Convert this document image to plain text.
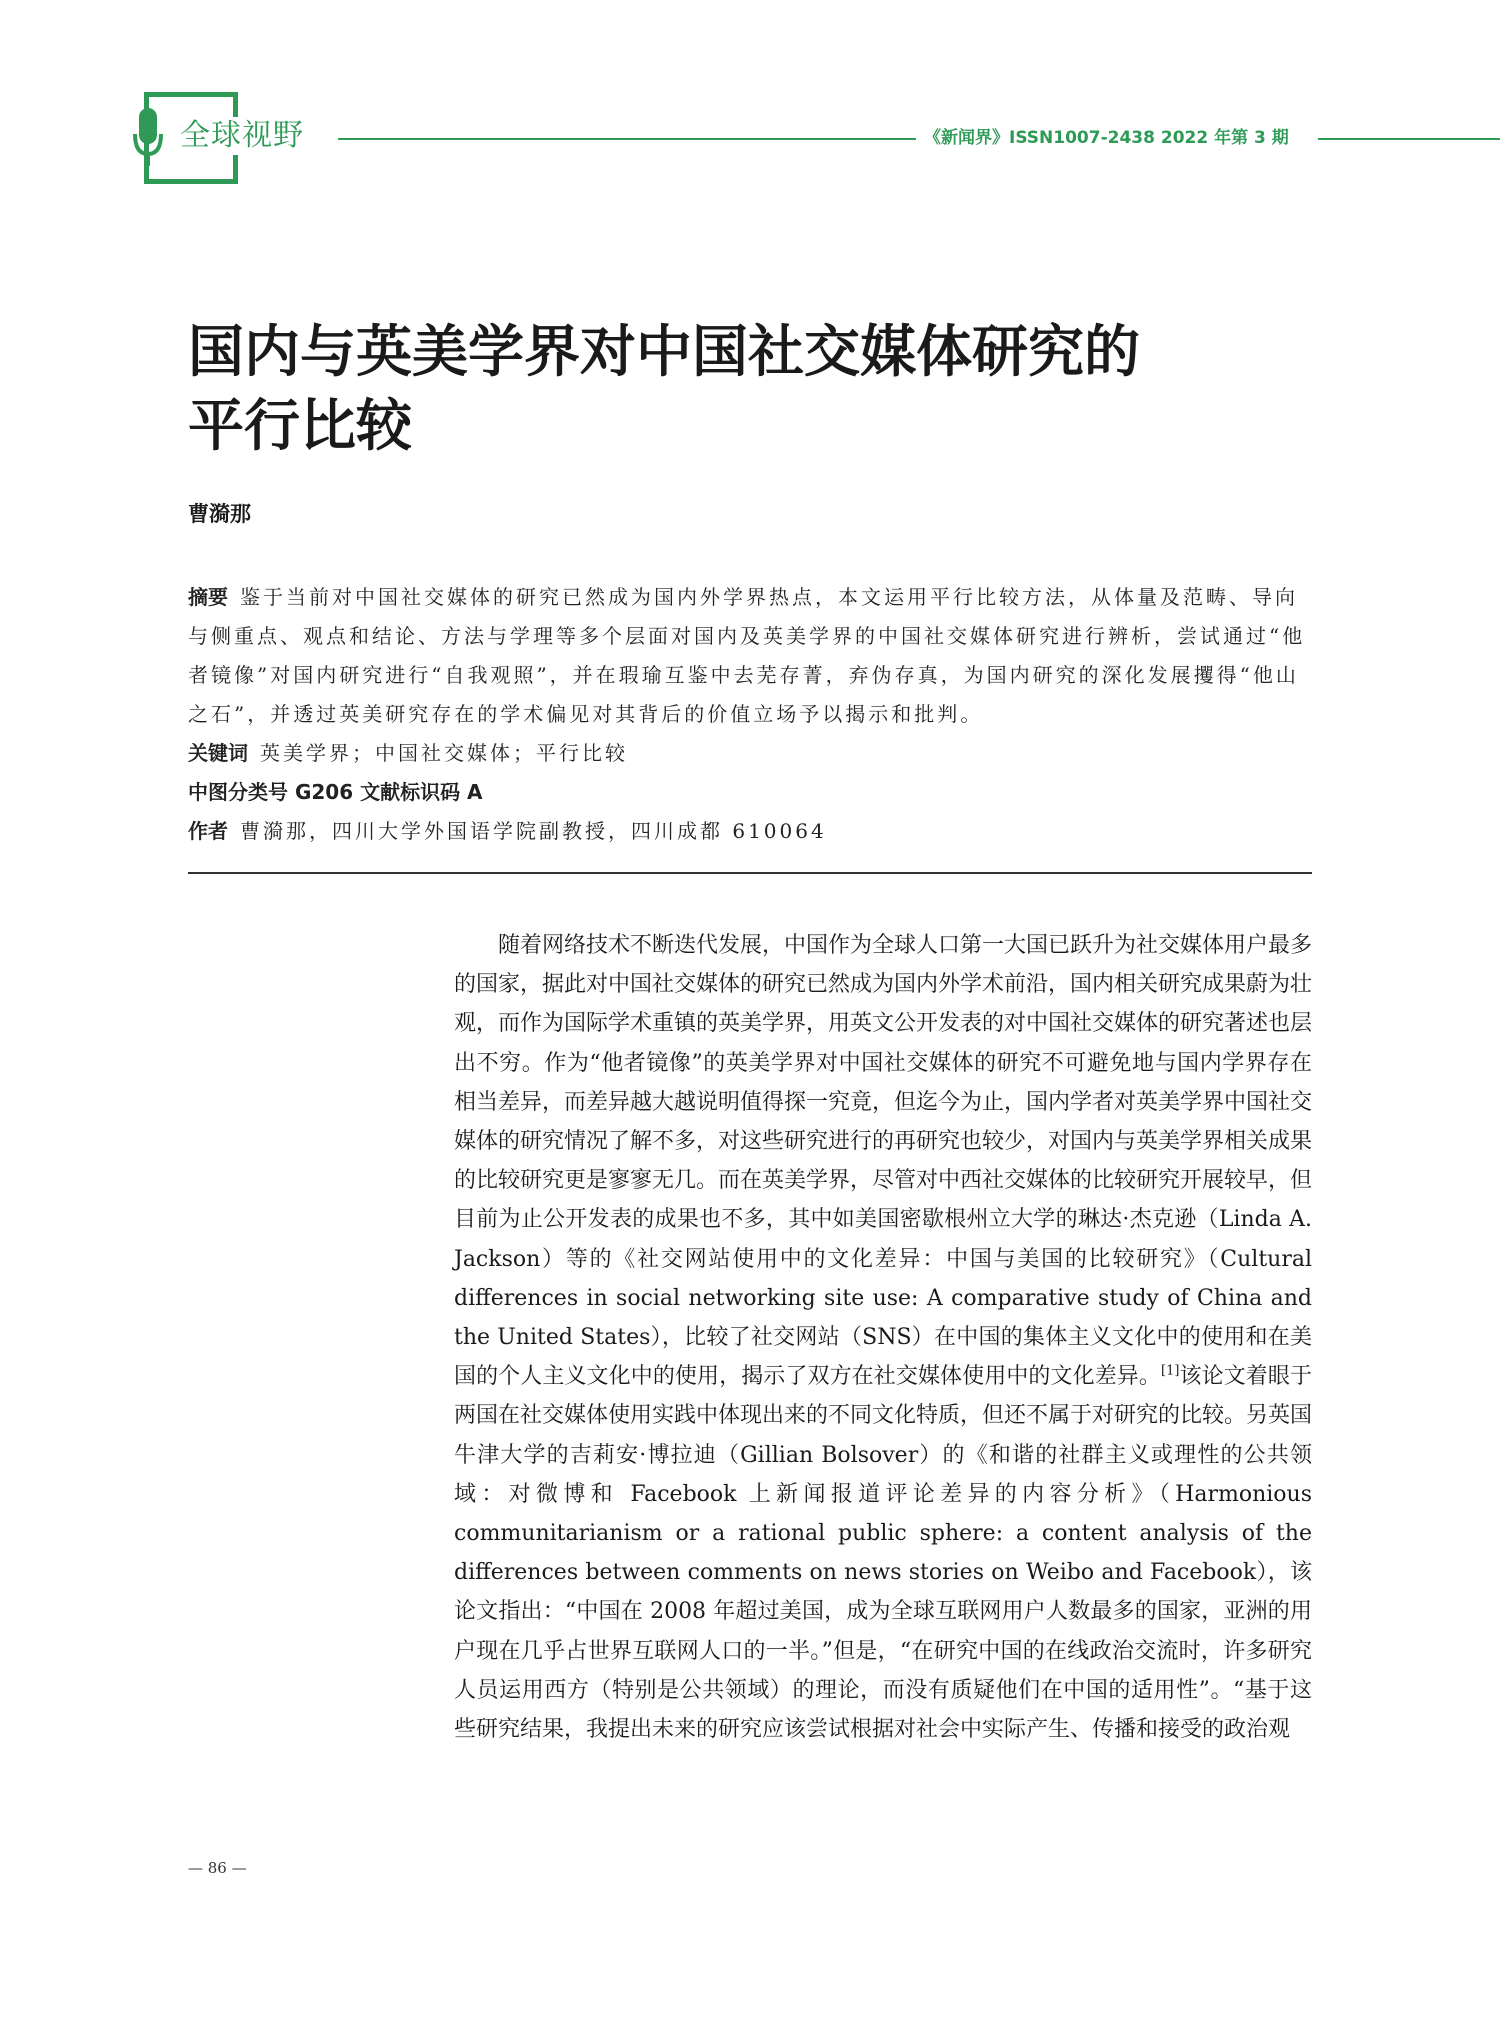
全球视野	《新闻界》ISSN1007-2438 2022 年第 3 期
国内与英美学界对中国社交媒体研究的
平行比较
曹漪那
摘要 鉴于当前对中国社交媒体的研究已然成为国内外学界热点，本文运用平行比较方法，从体量及范畴、导向与侧重点、观点和结论、方法与学理等多个层面对国内及英美学界的中国社交媒体研究进行辨析，尝试通过“他者镜像”对国内研究进行“自我观照”，并在瑕瑜互鉴中去芜存菁，弃伪存真，为国内研究的深化发展攫得“他山之石”，并透过英美研究存在的学术偏见对其背后的价值立场予以揭示和批判。
关键词 英美学界；中国社交媒体；平行比较
中图分类号 G206 文献标识码 A
作者 曹漪那，四川大学外国语学院副教授，四川成都 610064

随着网络技术不断迭代发展，中国作为全球人口第一大国已跃升为社交媒体用户最多的国家，据此对中国社交媒体的研究已然成为国内外学术前沿，国内相关研究成果蔚为壮观，而作为国际学术重镇的英美学界，用英文公开发表的对中国社交媒体的研究著述也层出不穷。作为“他者镜像”的英美学界对中国社交媒体的研究不可避免地与国内学界存在相当差异，而差异越大越说明值得探一究竟，但迄今为止，国内学者对英美学界中国社交媒体的研究情况了解不多，对这些研究进行的再研究也较少，对国内与英美学界相关成果的比较研究更是寥寥无几。而在英美学界，尽管对中西社交媒体的比较研究开展较早，但目前为止公开发表的成果也不多，其中如美国密歇根州立大学的琳达·杰克逊（Linda A. Jackson）等的《社交网站使用中的文化差异：中国与美国的比较研究》（Cultural differences in social networking site use: A comparative study of China and the United States），比较了社交网站（SNS）在中国的集体主义文化中的使用和在美国的个人主义文化中的使用，揭示了双方在社交媒体使用中的文化差异。[1]该论文着眼于两国在社交媒体使用实践中体现出来的不同文化特质，但还不属于对研究的比较。另英国牛津大学的吉莉安·博拉迪（Gillian Bolsover）的《和谐的社群主义或理性的公共领域：对微博和 Facebook 上新闻报道评论差异的内容分析》（Harmonious communitarianism or a rational public sphere: a content analysis of the differences between comments on news stories on Weibo and Facebook），该论文指出：“中国在 2008 年超过美国，成为全球互联网用户人数最多的国家，亚洲的用户现在几乎占世界互联网人口的一半。”但是，“在研究中国的在线政治交流时，许多研究人员运用西方（特别是公共领域）的理论，而没有质疑他们在中国的适用性”。“基于这些研究结果，我提出未来的研究应该尝试根据对社会中实际产生、传播和接受的政治观

— 86 —
